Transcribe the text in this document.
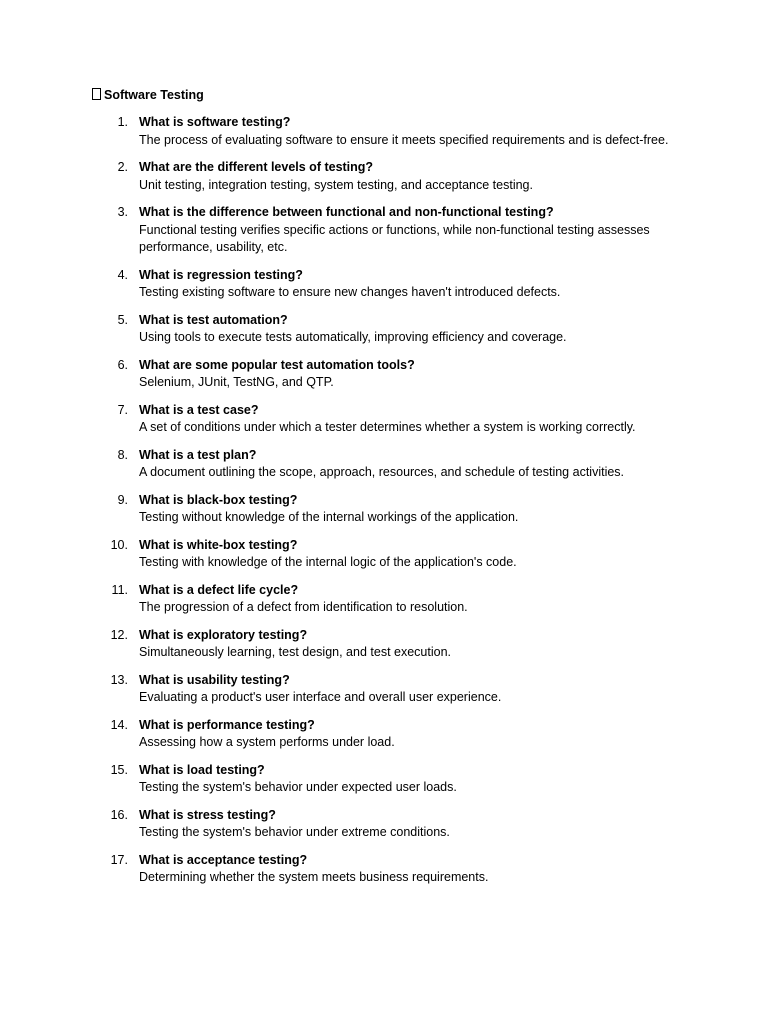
Software Testing
1. What is software testing?
The process of evaluating software to ensure it meets specified requirements and is defect-free.
2. What are the different levels of testing?
Unit testing, integration testing, system testing, and acceptance testing.
3. What is the difference between functional and non-functional testing?
Functional testing verifies specific actions or functions, while non-functional testing assesses performance, usability, etc.
4. What is regression testing?
Testing existing software to ensure new changes haven't introduced defects.
5. What is test automation?
Using tools to execute tests automatically, improving efficiency and coverage.
6. What are some popular test automation tools?
Selenium, JUnit, TestNG, and QTP.
7. What is a test case?
A set of conditions under which a tester determines whether a system is working correctly.
8. What is a test plan?
A document outlining the scope, approach, resources, and schedule of testing activities.
9. What is black-box testing?
Testing without knowledge of the internal workings of the application.
10. What is white-box testing?
Testing with knowledge of the internal logic of the application's code.
11. What is a defect life cycle?
The progression of a defect from identification to resolution.
12. What is exploratory testing?
Simultaneously learning, test design, and test execution.
13. What is usability testing?
Evaluating a product's user interface and overall user experience.
14. What is performance testing?
Assessing how a system performs under load.
15. What is load testing?
Testing the system's behavior under expected user loads.
16. What is stress testing?
Testing the system's behavior under extreme conditions.
17. What is acceptance testing?
Determining whether the system meets business requirements.
